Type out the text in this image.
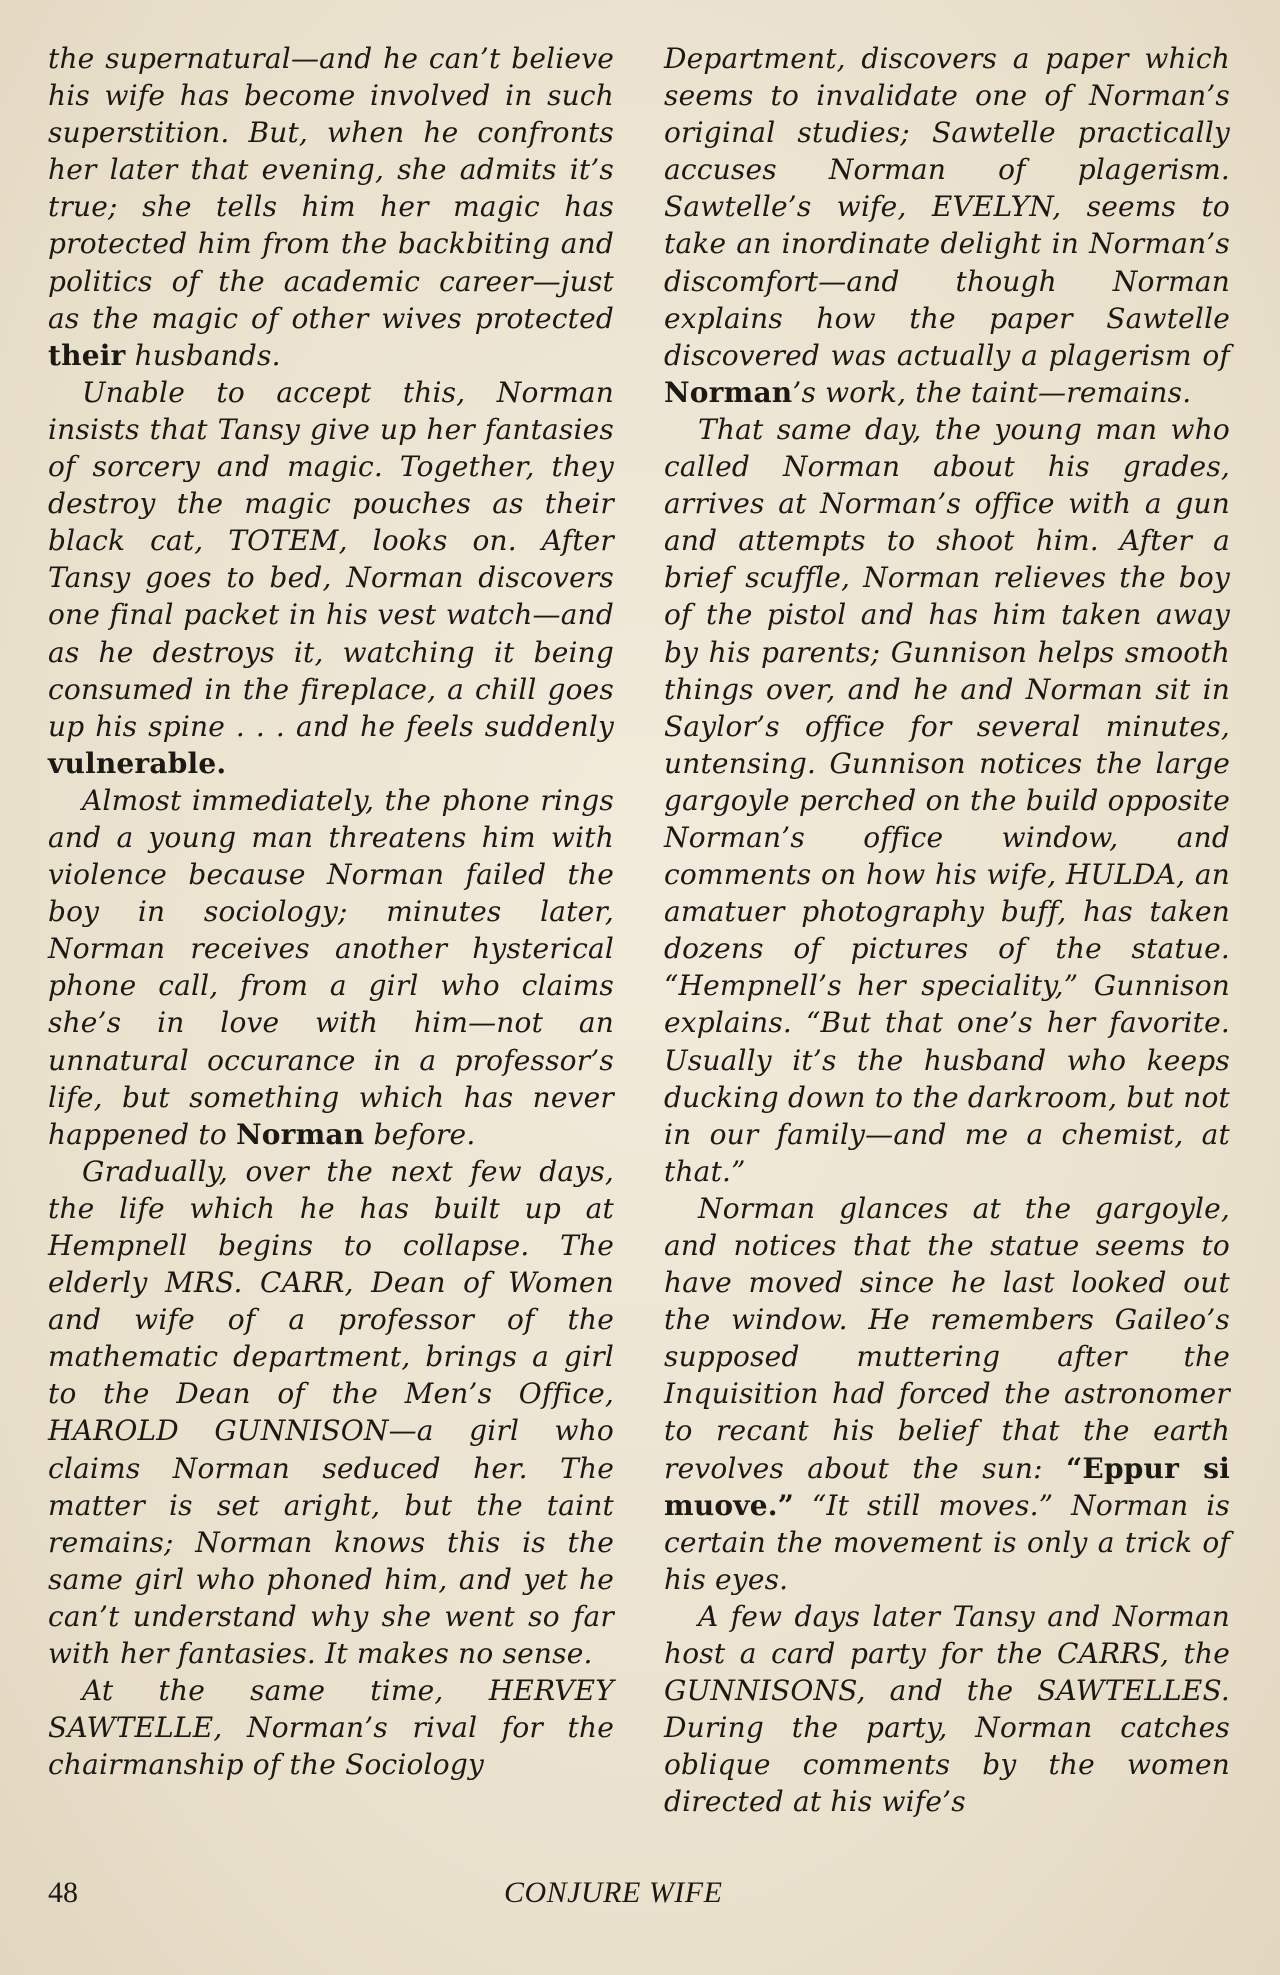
the supernatural—and he can’t believe his wife has become involved in such superstition. But, when he confronts her later that evening, she admits it’s true; she tells him her magic has protected him from the backbiting and politics of the academic career—just as the magic of other wives protected their husbands.

Unable to accept this, Norman insists that Tansy give up her fantasies of sorcery and magic. Together, they destroy the magic pouches as their black cat, TOTEM, looks on. After Tansy goes to bed, Norman discovers one final packet in his vest watch—and as he destroys it, watching it being consumed in the fireplace, a chill goes up his spine . . . and he feels suddenly vulnerable.

Almost immediately, the phone rings and a young man threatens him with violence because Norman failed the boy in sociology; minutes later, Norman receives another hysterical phone call, from a girl who claims she’s in love with him—not an unnatural occurance in a professor’s life, but something which has never happened to Norman before.

Gradually, over the next few days, the life which he has built up at Hempnell begins to collapse. The elderly MRS. CARR, Dean of Women and wife of a professor of the mathematic department, brings a girl to the Dean of the Men’s Office, HAROLD GUNNISON—a girl who claims Norman seduced her. The matter is set aright, but the taint remains; Norman knows this is the same girl who phoned him, and yet he can’t understand why she went so far with her fantasies. It makes no sense.

At the same time, HERVEY SAWTELLE, Norman’s rival for the chairmanship of the Sociology

Department, discovers a paper which seems to invalidate one of Norman’s original studies; Sawtelle practically accuses Norman of plagerism. Sawtelle’s wife, EVELYN, seems to take an inordinate delight in Norman’s discomfort—and though Norman explains how the paper Sawtelle discovered was actually a plagerism of Norman’s work, the taint—remains.

That same day, the young man who called Norman about his grades, arrives at Norman’s office with a gun and attempts to shoot him. After a brief scuffle, Norman relieves the boy of the pistol and has him taken away by his parents; Gunnison helps smooth things over, and he and Norman sit in Saylor’s office for several minutes, untensing. Gunnison notices the large gargoyle perched on the build opposite Norman’s office window, and comments on how his wife, HULDA, an amatuer photography buff, has taken dozens of pictures of the statue. “Hempnell’s her speciality,” Gunnison explains. “But that one’s her favorite. Usually it’s the husband who keeps ducking down to the darkroom, but not in our family—and me a chemist, at that.”

Norman glances at the gargoyle, and notices that the statue seems to have moved since he last looked out the window. He remembers Gaileo’s supposed muttering after the Inquisition had forced the astronomer to recant his belief that the earth revolves about the sun: “Eppur si muove.” “It still moves.” Norman is certain the movement is only a trick of his eyes.

A few days later Tansy and Norman host a card party for the CARRS, the GUNNISONS, and the SAWTELLES. During the party, Norman catches oblique comments by the women directed at his wife’s

48	CONJURE WIFE
